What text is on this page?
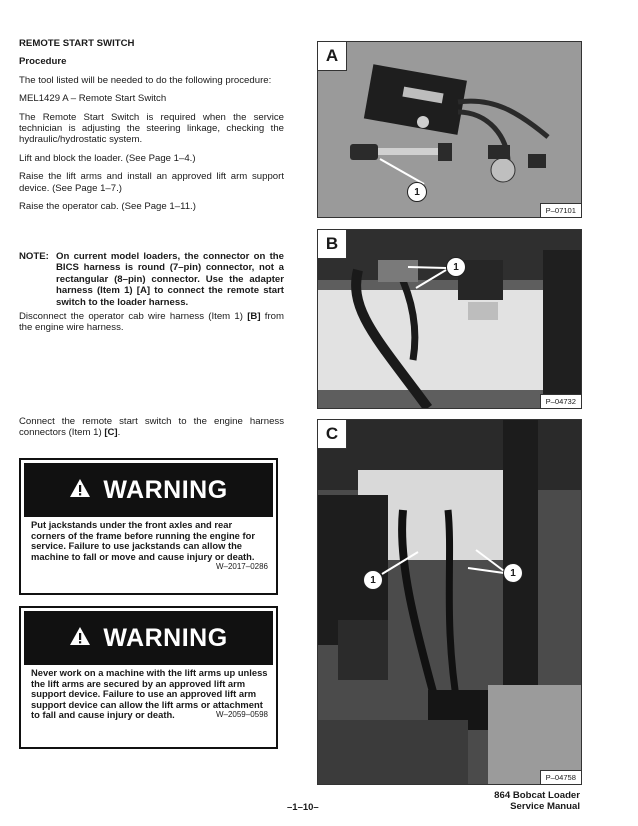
REMOTE START SWITCH

Procedure

The tool listed will be needed to do the following procedure:

MEL1429 A – Remote Start Switch

The Remote Start Switch is required when the service technician is adjusting the steering linkage, checking the hydraulic/hydrostatic system.

Lift and block the loader. (See Page 1–4.)

Raise the lift arms and install an approved lift arm support device. (See Page 1–7.)

Raise the operator cab. (See Page 1–11.)

NOTE: On current model loaders, the connector on the BICS harness is round (7–pin) connector, not a rectangular (8–pin) connector. Use the adapter harness (Item 1) [A] to connect the remote start switch to the loader harness.

Disconnect the operator cab wire harness (Item 1) [B] from the engine wire harness.

Connect the remote start switch to the engine harness connectors (Item 1) [C].

WARNING
Put jackstands under the front axles and rear corners of the frame before running the engine for service. Failure to use jackstands can allow the machine to fall or move and cause injury or death.
W–2017–0286
WARNING
Never work on a machine with the lift arms up unless the lift arms are secured by an approved lift arm support device. Failure to use an approved lift arm support device can allow the lift arms or attachment to fall and cause injury or death.	W–2059–0598
A
1
P–07101
B
1
P–04732
C
1
1
P–04758
–1–10–
864 Bobcat Loader
Service Manual
